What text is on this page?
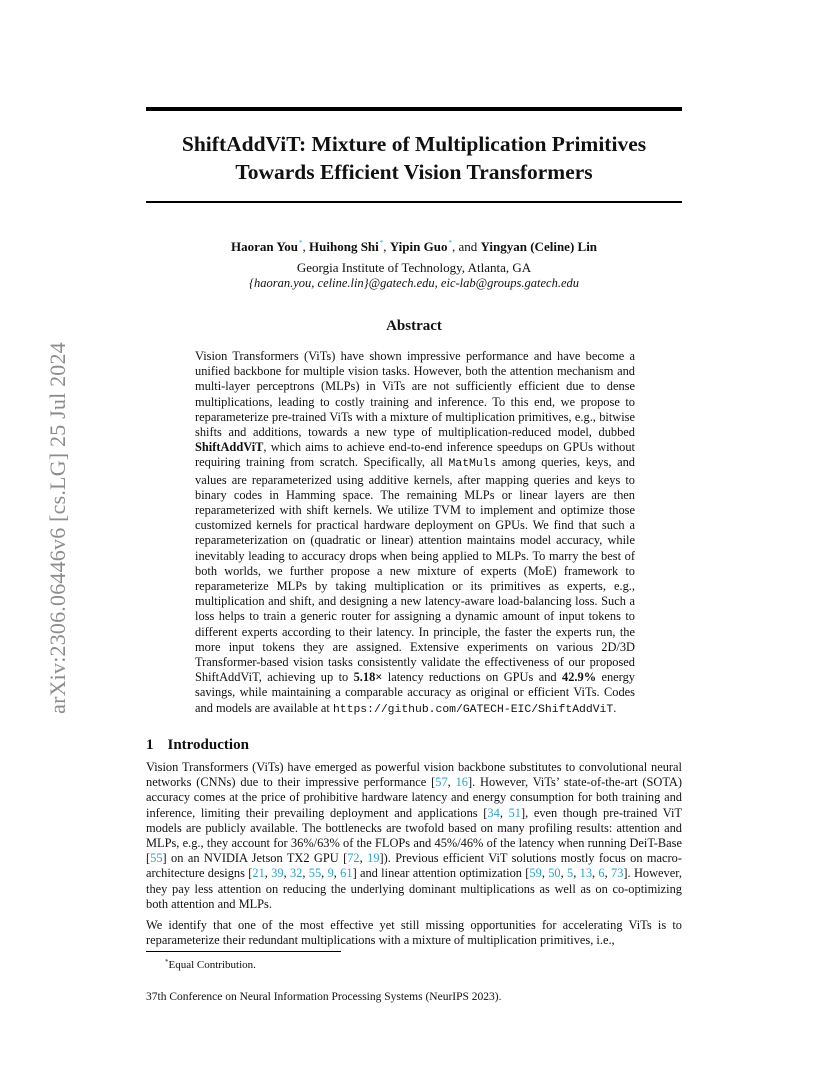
arXiv:2306.06446v6 [cs.LG] 25 Jul 2024
ShiftAddViT: Mixture of Multiplication Primitives
Towards Efficient Vision Transformers
Haoran You*, Huihong Shi*, Yipin Guo*, and Yingyan (Celine) Lin
Georgia Institute of Technology, Atlanta, GA
{haoran.you, celine.lin}@gatech.edu, eic-lab@groups.gatech.edu
Abstract

Vision Transformers (ViTs) have shown impressive performance and have become a unified backbone for multiple vision tasks. However, both the attention mechanism and multi-layer perceptrons (MLPs) in ViTs are not sufficiently efficient due to dense multiplications, leading to costly training and inference. To this end, we propose to reparameterize pre-trained ViTs with a mixture of multiplication primitives, e.g., bitwise shifts and additions, towards a new type of multiplication-reduced model, dubbed ShiftAddViT, which aims to achieve end-to-end inference speedups on GPUs without requiring training from scratch. Specifically, all MatMuls among queries, keys, and values are reparameterized using additive kernels, after mapping queries and keys to binary codes in Hamming space. The remaining MLPs or linear layers are then reparameterized with shift kernels. We utilize TVM to implement and optimize those customized kernels for practical hardware deployment on GPUs. We find that such a reparameterization on (quadratic or linear) attention maintains model accuracy, while inevitably leading to accuracy drops when being applied to MLPs. To marry the best of both worlds, we further propose a new mixture of experts (MoE) framework to reparameterize MLPs by taking multiplication or its primitives as experts, e.g., multiplication and shift, and designing a new latency-aware load-balancing loss. Such a loss helps to train a generic router for assigning a dynamic amount of input tokens to different experts according to their latency. In principle, the faster the experts run, the more input tokens they are assigned. Extensive experiments on various 2D/3D Transformer-based vision tasks consistently validate the effectiveness of our proposed ShiftAddViT, achieving up to 5.18× latency reductions on GPUs and 42.9% energy savings, while maintaining a comparable accuracy as original or efficient ViTs. Codes and models are available at https://github.com/GATECH-EIC/ShiftAddViT.

1 Introduction

Vision Transformers (ViTs) have emerged as powerful vision backbone substitutes to convolutional neural networks (CNNs) due to their impressive performance [57, 16]. However, ViTs’ state-of-the-art (SOTA) accuracy comes at the price of prohibitive hardware latency and energy consumption for both training and inference, limiting their prevailing deployment and applications [34, 51], even though pre-trained ViT models are publicly available. The bottlenecks are twofold based on many profiling results: attention and MLPs, e.g., they account for 36%/63% of the FLOPs and 45%/46% of the latency when running DeiT-Base [55] on an NVIDIA Jetson TX2 GPU [72, 19]). Previous efficient ViT solutions mostly focus on macro-architecture designs [21, 39, 32, 55, 9, 61] and linear attention optimization [59, 50, 5, 13, 6, 73]. However, they pay less attention on reducing the underlying dominant multiplications as well as on co-optimizing both attention and MLPs.

We identify that one of the most effective yet still missing opportunities for accelerating ViTs is to reparameterize their redundant multiplications with a mixture of multiplication primitives, i.e.,

*Equal Contribution.
37th Conference on Neural Information Processing Systems (NeurIPS 2023).
